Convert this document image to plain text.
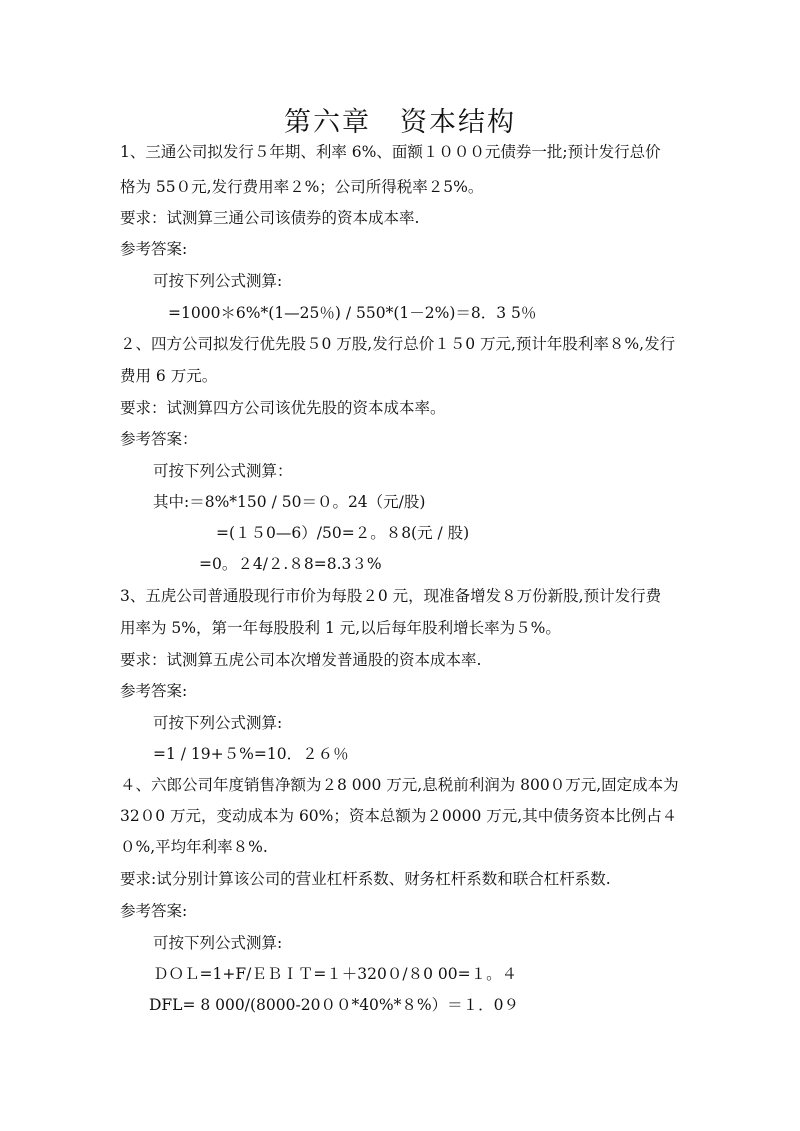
第六章　资本结构
1、三通公司拟发行５年期、利率 6%、面额１０００元债券一批;预计发行总价
格为 55０元,发行费用率２%；公司所得税率２5%。
要求：试测算三通公司该债券的资本成本率.
参考答案:
可按下列公式测算:
=1000＊6%*(1—25％) / 550*(1－2%)＝8．3 5％
２、四方公司拟发行优先股５0 万股,发行总价１５0 万元,预计年股利率８%,发行
费用 6 万元。
要求：试测算四方公司该优先股的资本成本率。
参考答案：
可按下列公式测算：
其中:＝8%*150 / 50＝０。24（元/股)
=(１５0—6）/50=２。８8(元 / 股)
=0。２4/２.８8=8.3３%
3、五虎公司普通股现行市价为每股２0 元，现准备增发８万份新股,预计发行费
用率为 5%，第一年每股股利 1 元,以后每年股利增长率为５%。
要求：试测算五虎公司本次增发普通股的资本成本率.
参考答案:
可按下列公式测算:
=1 / 19+５%=10．２６％
４、六郎公司年度销售净额为２8 000 万元,息税前利润为 800０万元,固定成本为
32０0 万元，变动成本为 60%；资本总额为２0000 万元,其中债务资本比例占４
０%,平均年利率８%.
要求:试分别计算该公司的营业杠杆系数、财务杠杆系数和联合杠杆系数.
参考答案:
可按下列公式测算:
ＤＯＬ=1+F/ＥＢＩＴ=１＋320０/８0 00=１。４
DFL= 8 000/(8000-20００*40%*８%）＝１．0９
